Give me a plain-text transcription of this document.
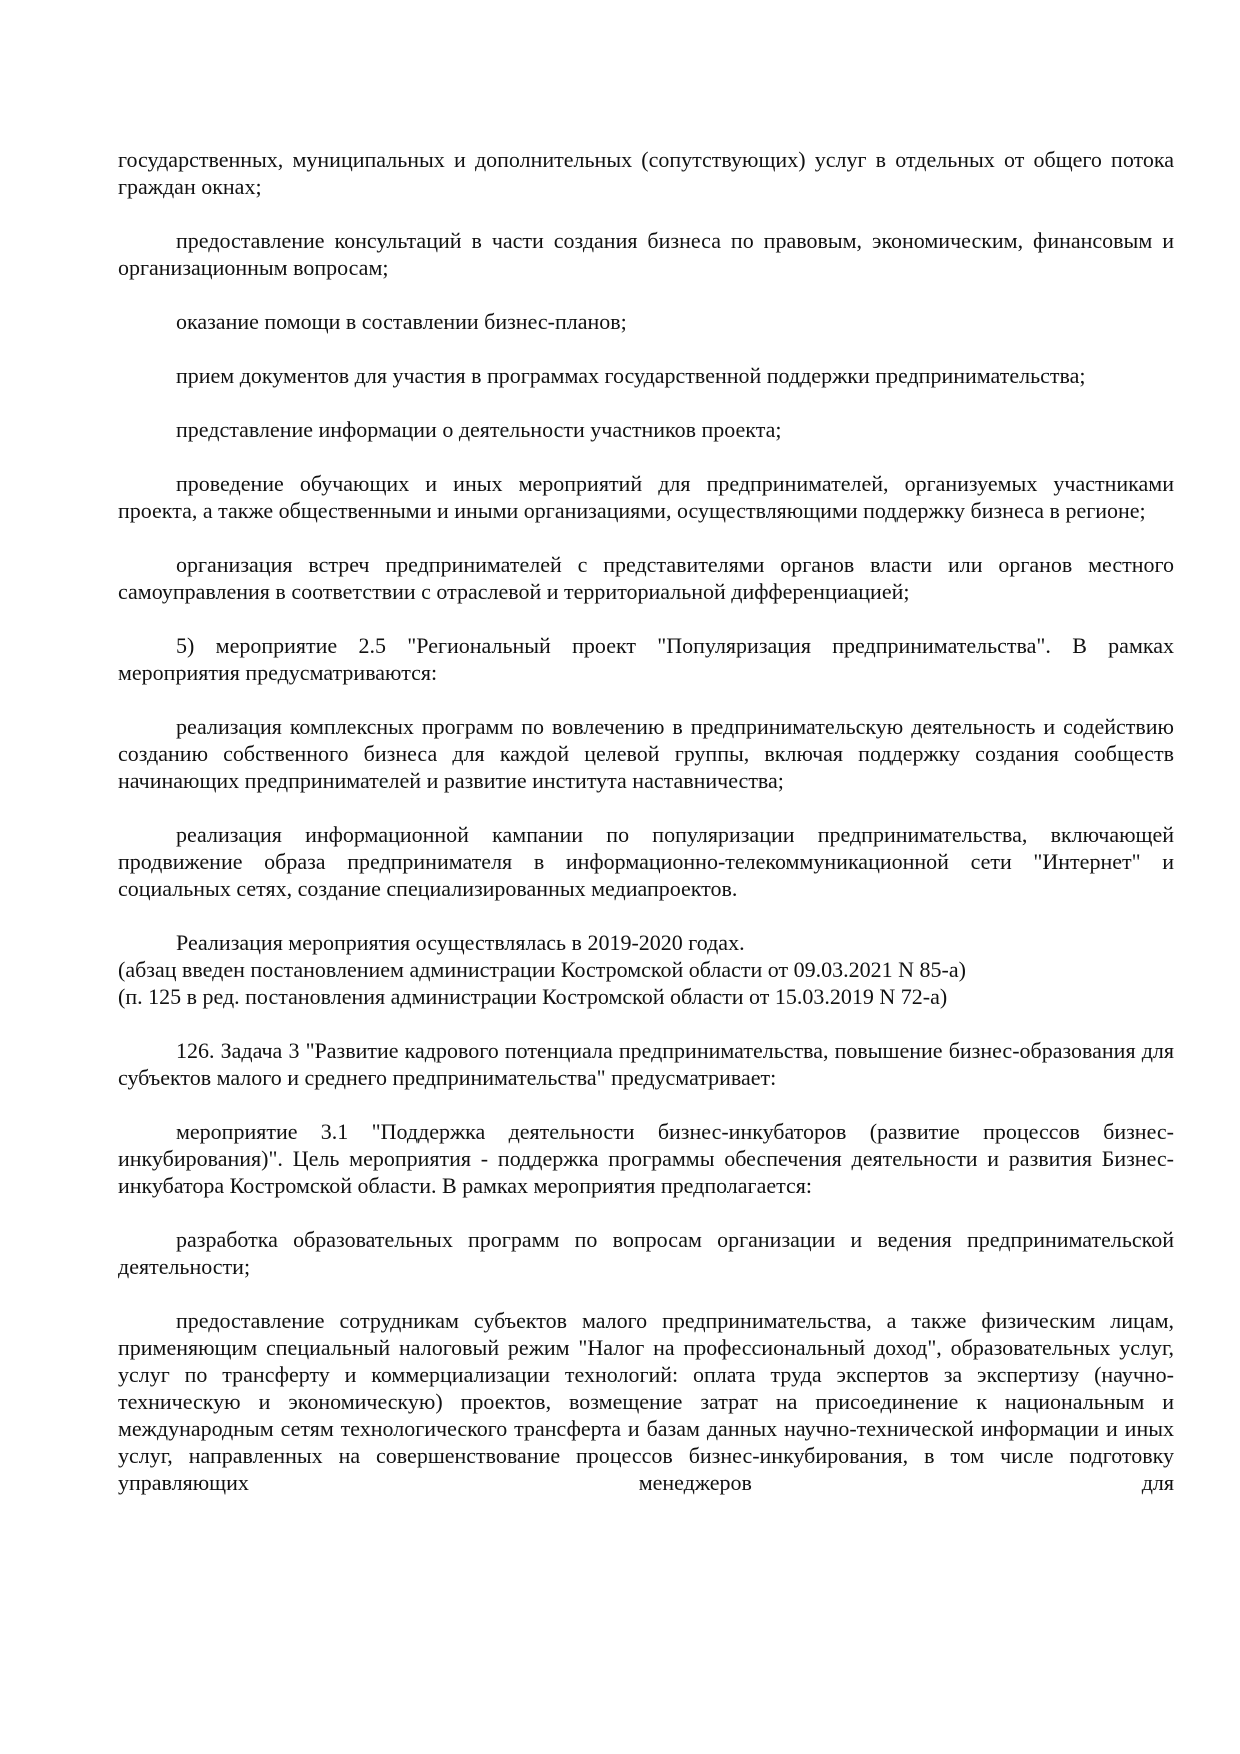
государственных, муниципальных и дополнительных (сопутствующих) услуг в отдельных от общего потока граждан окнах;

предоставление консультаций в части создания бизнеса по правовым, экономическим, финансовым и организационным вопросам;

оказание помощи в составлении бизнес-планов;

прием документов для участия в программах государственной поддержки предпринимательства;

представление информации о деятельности участников проекта;

проведение обучающих и иных мероприятий для предпринимателей, организуемых участниками проекта, а также общественными и иными организациями, осуществляющими поддержку бизнеса в регионе;

организация встреч предпринимателей с представителями органов власти или органов местного самоуправления в соответствии с отраслевой и территориальной дифференциацией;

5) мероприятие 2.5 "Региональный проект "Популяризация предпринимательства". В рамках мероприятия предусматриваются:

реализация комплексных программ по вовлечению в предпринимательскую деятельность и содействию созданию собственного бизнеса для каждой целевой группы, включая поддержку создания сообществ начинающих предпринимателей и развитие института наставничества;

реализация информационной кампании по популяризации предпринимательства, включающей продвижение образа предпринимателя в информационно-телекоммуникационной сети "Интернет" и социальных сетях, создание специализированных медиапроектов.

Реализация мероприятия осуществлялась в 2019-2020 годах.

(абзац введен постановлением администрации Костромской области от 09.03.2021 N 85-а)

(п. 125 в ред. постановления администрации Костромской области от 15.03.2019 N 72-а)

126. Задача 3 "Развитие кадрового потенциала предпринимательства, повышение бизнес-образования для субъектов малого и среднего предпринимательства" предусматривает:

мероприятие 3.1 "Поддержка деятельности бизнес-инкубаторов (развитие процессов бизнес-инкубирования)". Цель мероприятия - поддержка программы обеспечения деятельности и развития Бизнес-инкубатора Костромской области. В рамках мероприятия предполагается:

разработка образовательных программ по вопросам организации и ведения предпринимательской деятельности;

предоставление сотрудникам субъектов малого предпринимательства, а также физическим лицам, применяющим специальный налоговый режим "Налог на профессиональный доход", образовательных услуг, услуг по трансферту и коммерциализации технологий: оплата труда экспертов за экспертизу (научно-техническую и экономическую) проектов, возмещение затрат на присоединение к национальным и международным сетям технологического трансферта и базам данных научно-технической информации и иных услуг, направленных на совершенствование процессов бизнес-инкубирования, в том числе подготовку управляющих менеджеров для
